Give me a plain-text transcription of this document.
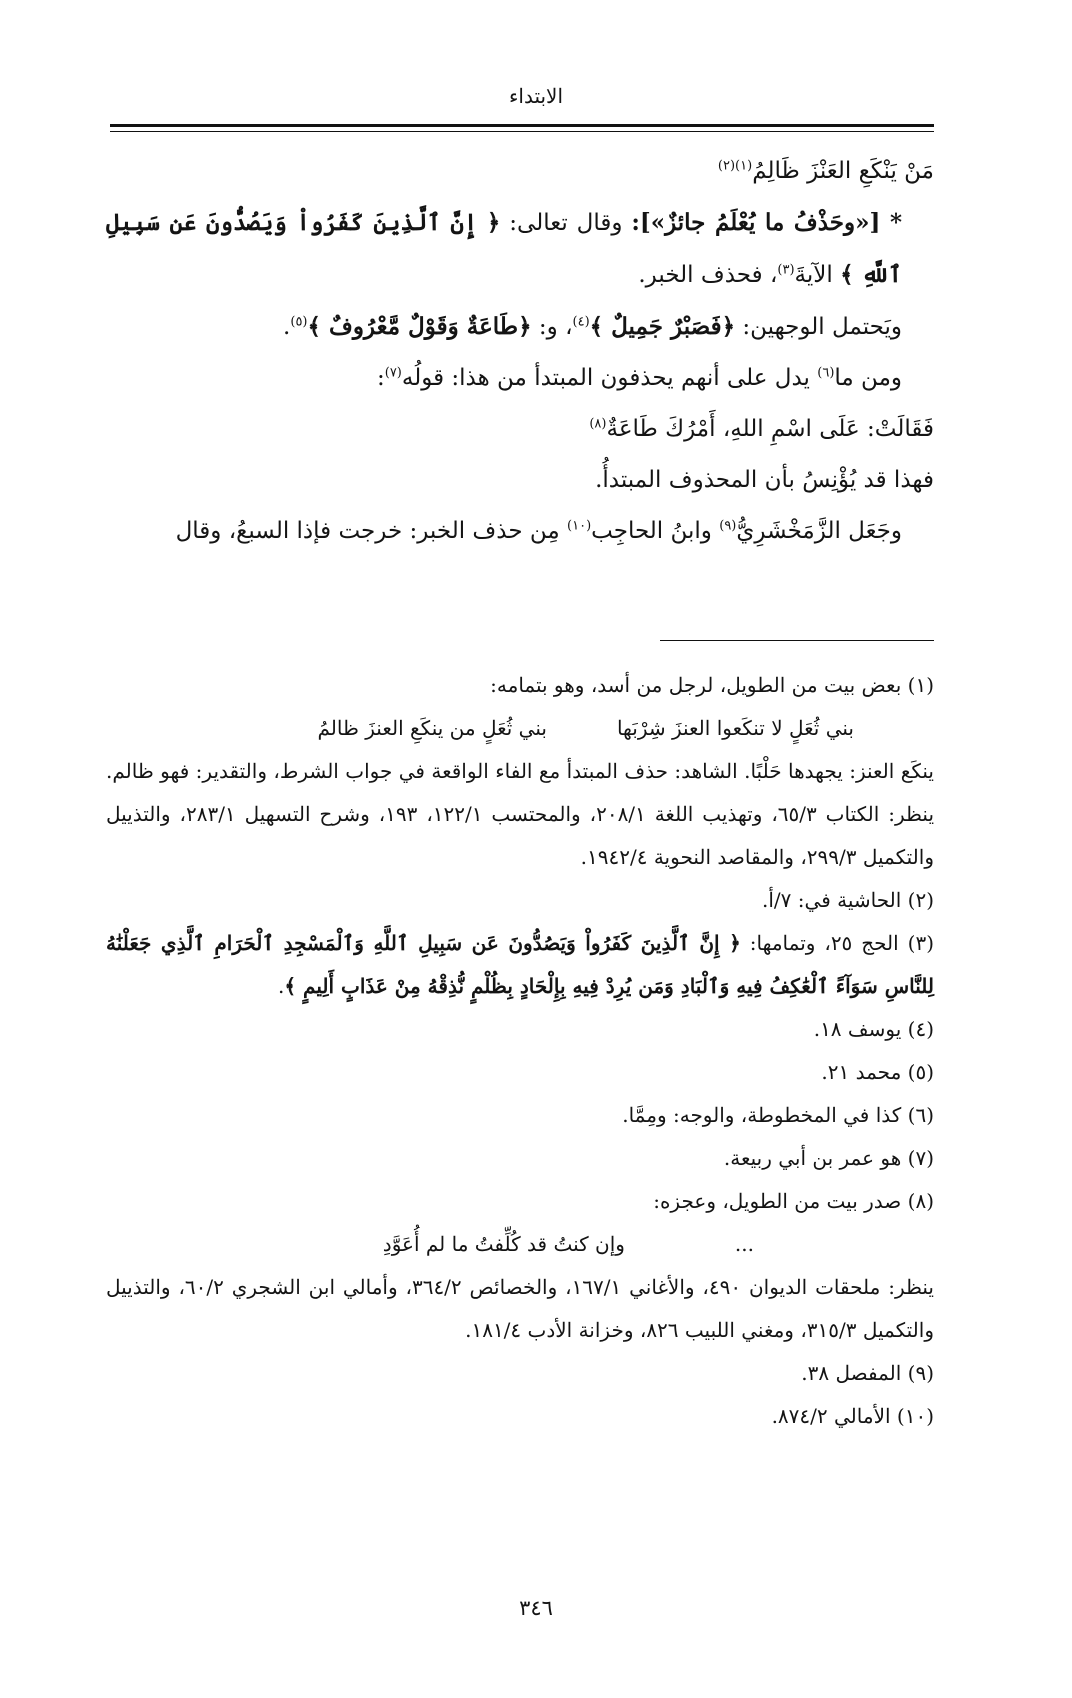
الابتداء

مَنْ يَنْكَعِ العَنْزَ ظَالِمُ$^{(١)(٢)}$

* [«وحَذْفُ ما يُعْلَمُ جائزٌ»]: وقال تعالى: ﴿ إِنَّ ٱلَّذِينَ كَفَرُواْ وَيَصُدُّونَ عَن سَبِيلِ ٱللَّهِ ﴾ الآيةَ$^{(٣)}$، فحذف الخبر.

ويَحتمل الوجهين: ﴿فَصَبْرٌ جَمِيلٌ ﴾$^{(٤)}$، و: ﴿طَاعَةٌ وَقَوْلٌ مَّعْرُوفٌ ﴾$^{(٥)}$.

ومن ما$^{(٦)}$ يدل على أنهم يحذفون المبتدأ من هذا: قولُه$^{(٧)}$:

فَقَالَتْ: عَلَى اسْمِ اللهِ، أَمْرُكَ طَاعَةٌ$^{(٨)}$

فهذا قد يُؤْنِسُ بأن المحذوف المبتدأُ.

وجَعَل الزَّمَخْشَرِيُّ$^{(٩)}$ وابنُ الحاجِب$^{(١٠)}$ مِن حذف الخبر: خرجت فإذا السبعُ، وقال

(١) بعض بيت من الطويل، لرجل من أسد، وهو بتمامه:

بني ثُعَلٍ لا تنكَعوا العنزَ شِرْبَها
بني ثُعَلٍ من ينكَعِ العنزَ ظالمُ

ينكَع العنز: يجهدها حَلْبًا. الشاهد: حذف المبتدأ مع الفاء الواقعة في جواب الشرط، والتقدير: فهو ظالم. ينظر: الكتاب ٦٥/٣، وتهذيب اللغة ٢٠٨/١، والمحتسب ١٢٢/١، ١٩٣، وشرح التسهيل ٢٨٣/١، والتذييل والتكميل ٢٩٩/٣، والمقاصد النحوية ١٩٤٢/٤.

(٢) الحاشية في: ٧/أ.

(٣) الحج ٢٥، وتمامها: ﴿ إِنَّ ٱلَّذِينَ كَفَرُواْ وَيَصُدُّونَ عَن سَبِيلِ ٱللَّهِ وَٱلْمَسْجِدِ ٱلْحَرَامِ ٱلَّذِي جَعَلْنَٰهُ لِلنَّاسِ سَوَآءً ٱلْعَٰكِفُ فِيهِ وَٱلْبَادِ وَمَن يُرِدْ فِيهِ بِإِلْحَادٍ بِظُلْمٍ نُّذِقْهُ مِنْ عَذَابٍ أَلِيمٍ ﴾.

(٤) يوسف ١٨.

(٥) محمد ٢١.

(٦) كذا في المخطوطة، والوجه: ومِمَّا.

(٧) هو عمر بن أبي ربيعة.

(٨) صدر بيت من الطويل، وعجزه:

...
وإن كنتُ قد كُلِّفتُ ما لم أُعَوَّدِ

ينظر: ملحقات الديوان ٤٩٠، والأغاني ١٦٧/١، والخصائص ٣٦٤/٢، وأمالي ابن الشجري ٦٠/٢، والتذييل والتكميل ٣١٥/٣، ومغني اللبيب ٨٢٦، وخزانة الأدب ١٨١/٤.

(٩) المفصل ٣٨.

(١٠) الأمالي ٨٧٤/٢.

٣٤٦
